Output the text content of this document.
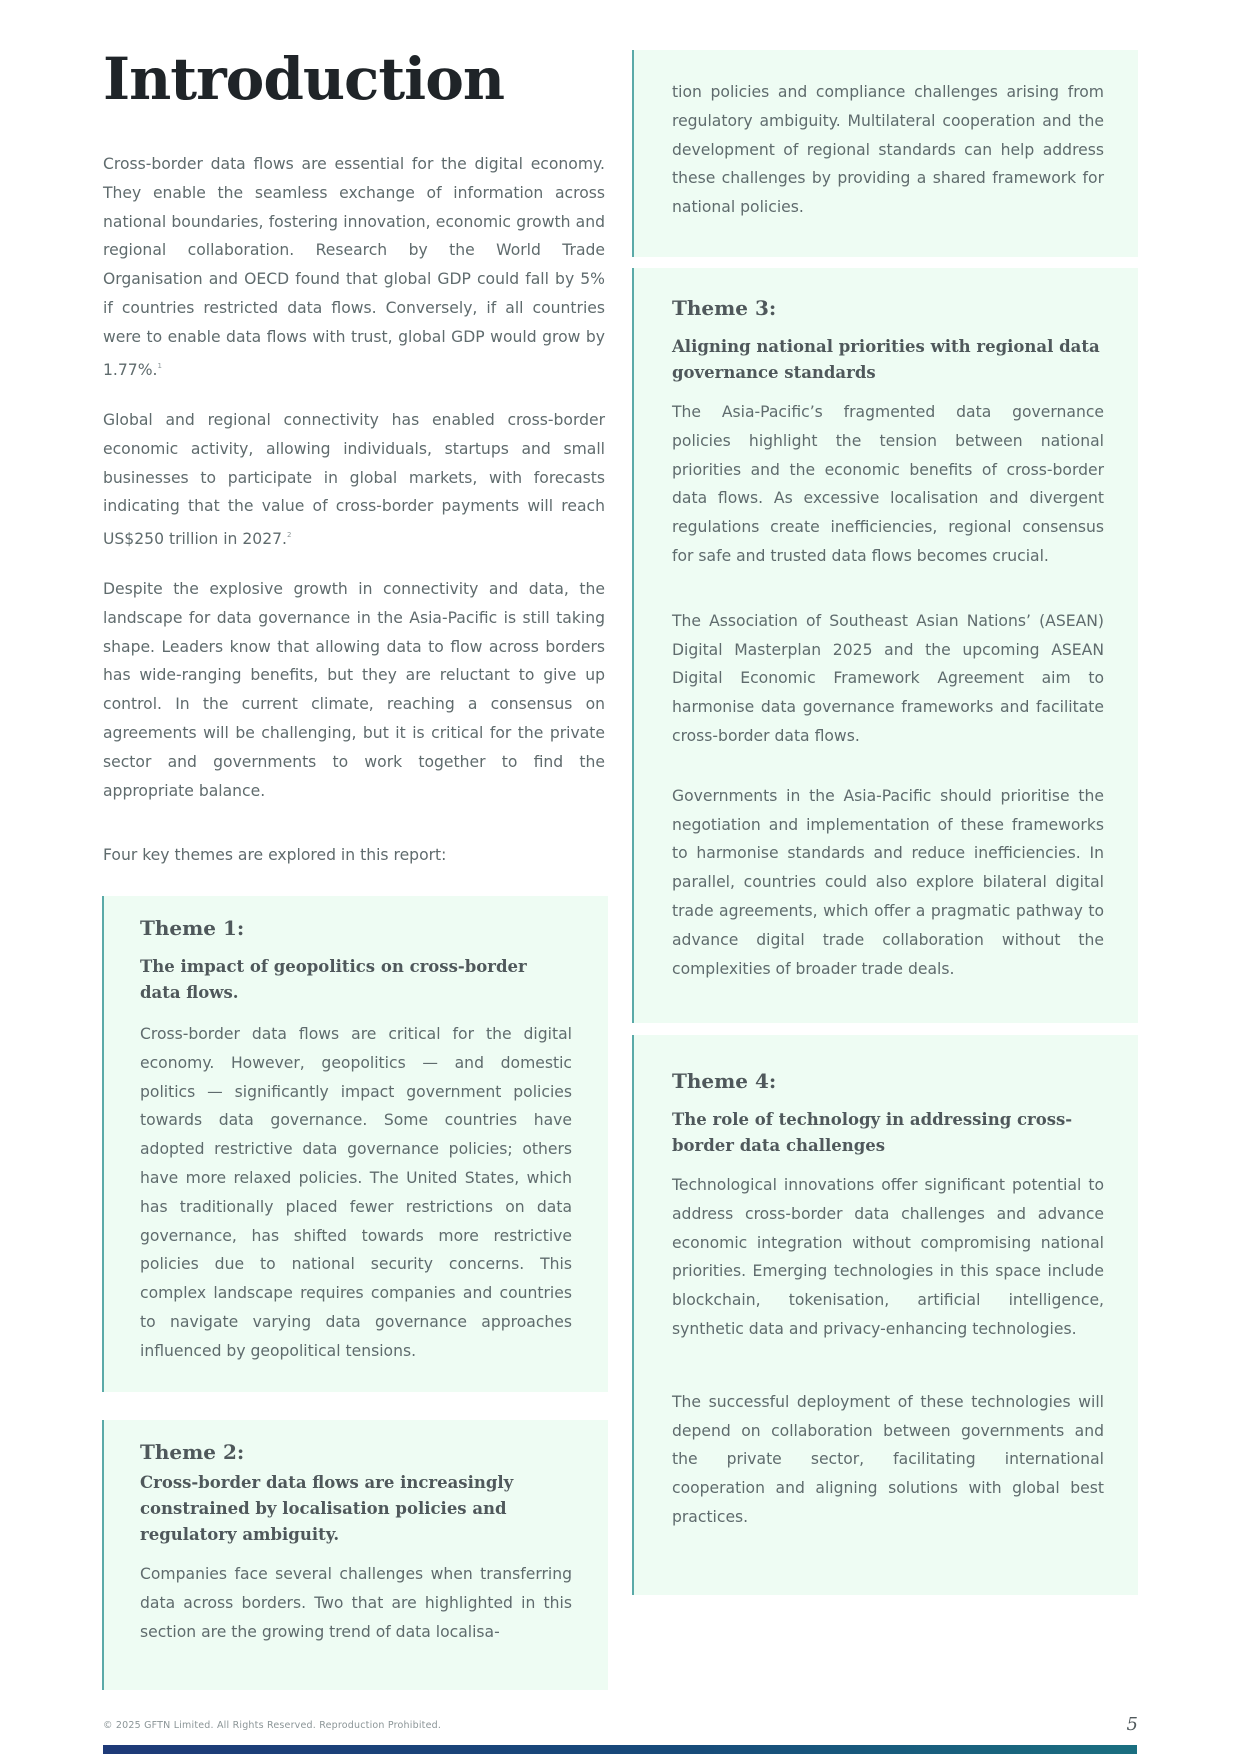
Introduction

Cross-border data flows are essential for the digital economy. They enable the seamless exchange of information across national boundaries, fostering innovation, economic growth and regional collaboration. Research by the World Trade Organisation and OECD found that global GDP could fall by 5% if countries restricted data flows. Conversely, if all countries were to enable data flows with trust, global GDP would grow by 1.77%.$^1$

Global and regional connectivity has enabled cross-border economic activity, allowing individuals, startups and small businesses to participate in global markets, with forecasts indicating that the value of cross-border payments will reach US$250 trillion in 2027.$^2$

Despite the explosive growth in connectivity and data, the landscape for data governance in the Asia-Pacific is still taking shape. Leaders know that allowing data to flow across borders has wide-ranging benefits, but they are reluctant to give up control. In the current climate, reaching a consensus on agreements will be challenging, but it is critical for the private sector and governments to work together to find the appropriate balance.

Four key themes are explored in this report:

Theme 1:

The impact of geopolitics on cross-border data flows.

Cross-border data flows are critical for the digital economy. However, geopolitics — and domestic politics — significantly impact government policies towards data governance. Some countries have adopted restrictive data governance policies; others have more relaxed policies. The United States, which has traditionally placed fewer restrictions on data governance, has shifted towards more restrictive policies due to national security concerns. This complex landscape requires companies and countries to navigate varying data governance approaches influenced by geopolitical tensions.

Theme 2:

Cross-border data flows are increasingly constrained by localisation policies and regulatory ambiguity.

Companies face several challenges when transferring data across borders. Two that are highlighted in this section are the growing trend of data localisa-

tion policies and compliance challenges arising from regulatory ambiguity. Multilateral cooperation and the development of regional standards can help address these challenges by providing a shared framework for national policies.

Theme 3:

Aligning national priorities with regional data governance standards

The Asia-Pacific’s fragmented data governance policies highlight the tension between national priorities and the economic benefits of cross-border data flows. As excessive localisation and divergent regulations create inefficiencies, regional consensus for safe and trusted data flows becomes crucial.

The Association of Southeast Asian Nations’ (ASEAN) Digital Masterplan 2025 and the upcoming ASEAN Digital Economic Framework Agreement aim to harmonise data governance frameworks and facilitate cross-border data flows.

Governments in the Asia-Pacific should prioritise the negotiation and implementation of these frameworks to harmonise standards and reduce inefficiencies. In parallel, countries could also explore bilateral digital trade agreements, which offer a pragmatic pathway to advance digital trade collaboration without the complexities of broader trade deals.

Theme 4:

The role of technology in addressing cross-border data challenges

Technological innovations offer significant potential to address cross-border data challenges and advance economic integration without compromising national priorities. Emerging technologies in this space include blockchain, tokenisation, artificial intelligence, synthetic data and privacy-enhancing technologies.

The successful deployment of these technologies will depend on collaboration between governments and the private sector, facilitating international cooperation and aligning solutions with global best practices.

© 2025 GFTN Limited. All Rights Reserved. Reproduction Prohibited.	5
